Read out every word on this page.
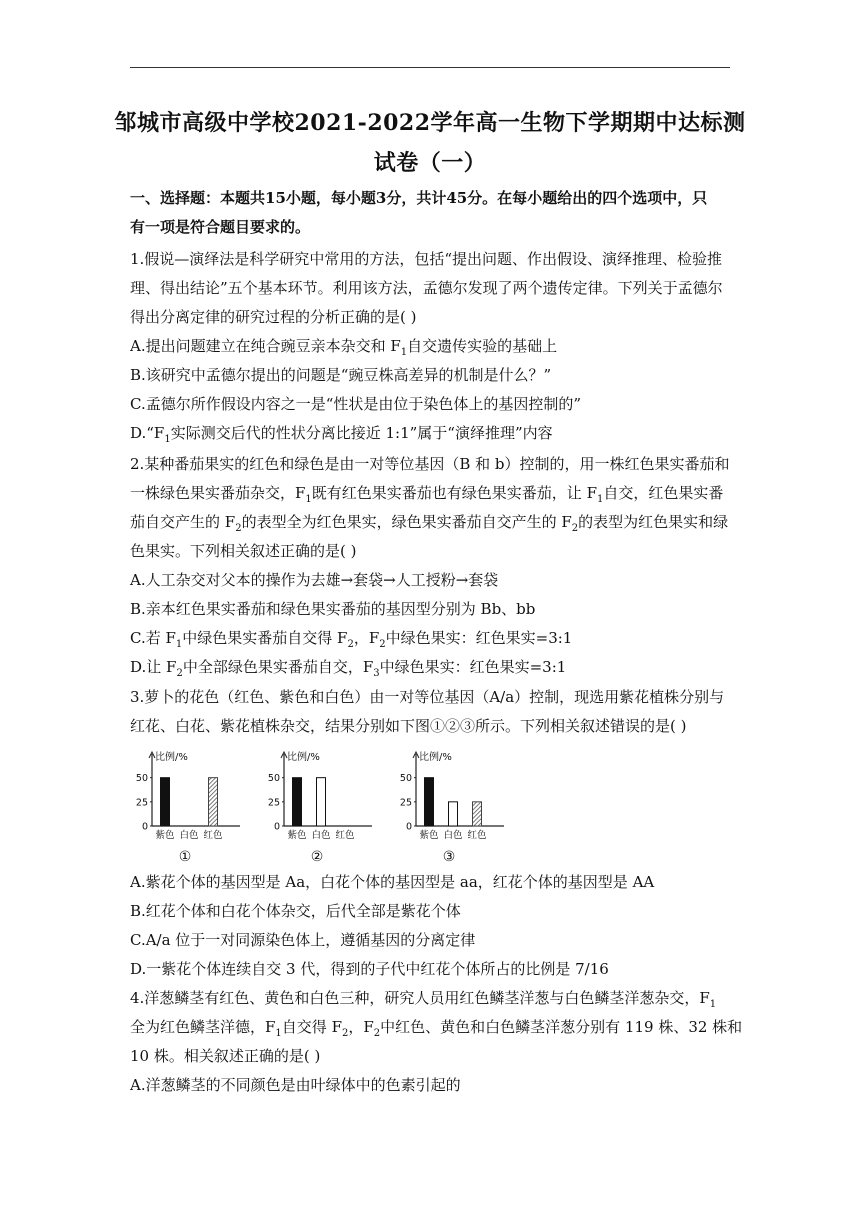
邹城市高级中学校2021-2022学年高一生物下学期期中达标测
试卷（一）
一、选择题：本题共15小题，每小题3分，共计45分。在每小题给出的四个选项中，只
有一项是符合题目要求的。
1.假说—演绎法是科学研究中常用的方法，包括“提出问题、作出假设、演绎推理、检验推
理、得出结论”五个基本环节。利用该方法，孟德尔发现了两个遗传定律。下列关于孟德尔
得出分离定律的研究过程的分析正确的是( )
A.提出问题建立在纯合豌豆亲本杂交和 $F_1$自交遗传实验的基础上
B.该研究中孟德尔提出的问题是“豌豆株高差异的机制是什么？”
C.孟德尔所作假设内容之一是“性状是由位于染色体上的基因控制的”
$D.“F_1$实际测交后代的性状分离比接近 1:1”属于“演绎推理”内容
2.某种番茄果实的红色和绿色是由一对等位基因（B 和 b）控制的，用一株红色果实番茄和
一株绿色果实番茄杂交，$F_1$既有红色果实番茄也有绿色果实番茄，让 $F_1$自交，红色果实番
茄自交产生的 $F_2$的表型全为红色果实，绿色果实番茄自交产生的 $F_2$的表型为红色果实和绿
色果实。下列相关叙述正确的是( )
A.人工杂交对父本的操作为去雄→套袋→人工授粉→套袋
B.亲本红色果实番茄和绿色果实番茄的基因型分别为 Bb、bb
C.若 $F_1$中绿色果实番茄自交得 $F_2$，$F_2$中绿色果实：红色果实=3:1
D.让 $F_2$中全部绿色果实番茄自交，$F_3$中绿色果实：红色果实=3:1
3.萝卜的花色（红色、紫色和白色）由一对等位基因（A/a）控制，现选用紫花植株分别与
红花、白花、紫花植株杂交，结果分别如下图①②③所示。下列相关叙述错误的是( )
比例/%
0
25
50
紫色 白色 红色
①
比例/%
0
25
50
紫色 白色 红色
②
比例/%
0
25
50
紫色 白色 红色
③
A.紫花个体的基因型是 Aa，白花个体的基因型是 aa，红花个体的基因型是 AA
B.红花个体和白花个体杂交，后代全部是紫花个体
C.A/a 位于一对同源染色体上，遵循基因的分离定律
D.一紫花个体连续自交 3 代，得到的子代中红花个体所占的比例是 7/16
4.洋葱鳞茎有红色、黄色和白色三种，研究人员用红色鳞茎洋葱与白色鳞茎洋葱杂交，$F_1$
全为红色鳞茎洋德，$F_1$自交得 $F_2$，$F_2$中红色、黄色和白色鳞茎洋葱分别有 119 株、32 株和
10 株。相关叙述正确的是( )
A.洋葱鳞茎的不同颜色是由叶绿体中的色素引起的
